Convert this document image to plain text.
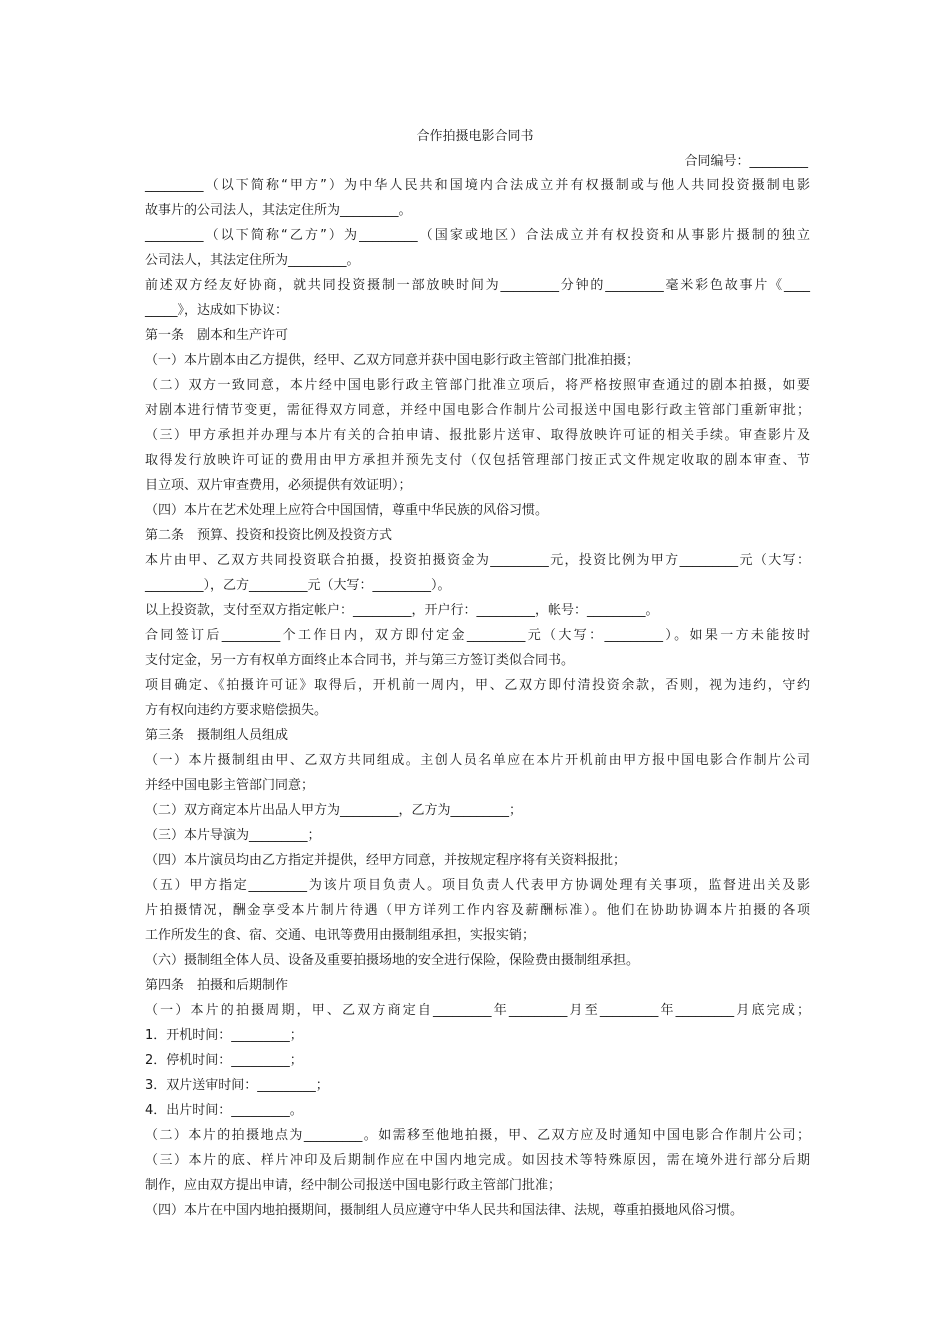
合作拍摄电影合同书
合同编号：_________
_________（以下简称“甲方”）为中华人民共和国境内合法成立并有权摄制或与他人共同投资摄制电影
故事片的公司法人，其法定住所为_________。
_________（以下简称“乙方”）为_________（国家或地区）合法成立并有权投资和从事影片摄制的独立
公司法人，其法定住所为_________。
前述双方经友好协商，就共同投资摄制一部放映时间为_________分钟的_________毫米彩色故事片《____
_____》，达成如下协议：
第一条　剧本和生产许可
（一）本片剧本由乙方提供，经甲、乙双方同意并获中国电影行政主管部门批准拍摄；
（二）双方一致同意，本片经中国电影行政主管部门批准立项后，将严格按照审查通过的剧本拍摄，如要
对剧本进行情节变更，需征得双方同意，并经中国电影合作制片公司报送中国电影行政主管部门重新审批；
（三）甲方承担并办理与本片有关的合拍申请、报批影片送审、取得放映许可证的相关手续。审查影片及
取得发行放映许可证的费用由甲方承担并预先支付（仅包括管理部门按正式文件规定收取的剧本审查、节
目立项、双片审查费用，必须提供有效证明）；
（四）本片在艺术处理上应符合中国国情，尊重中华民族的风俗习惯。
第二条　预算、投资和投资比例及投资方式
本片由甲、乙双方共同投资联合拍摄，投资拍摄资金为_________元，投资比例为甲方_________元（大写：
_________），乙方_________元（大写：_________）。
以上投资款，支付至双方指定帐户：_________，开户行：_________，帐号：_________。
合同签订后_________个工作日内，双方即付定金_________元（大写：_________）。如果一方未能按时
支付定金，另一方有权单方面终止本合同书，并与第三方签订类似合同书。
项目确定、《拍摄许可证》取得后，开机前一周内，甲、乙双方即付清投资余款，否则，视为违约，守约
方有权向违约方要求赔偿损失。
第三条　摄制组人员组成
（一）本片摄制组由甲、乙双方共同组成。主创人员名单应在本片开机前由甲方报中国电影合作制片公司
并经中国电影主管部门同意；
（二）双方商定本片出品人甲方为_________，乙方为_________；
（三）本片导演为_________；
（四）本片演员均由乙方指定并提供，经甲方同意，并按规定程序将有关资料报批；
（五）甲方指定_________为该片项目负责人。项目负责人代表甲方协调处理有关事项，监督进出关及影
片拍摄情况，酬金享受本片制片待遇（甲方详列工作内容及薪酬标准）。他们在协助协调本片拍摄的各项
工作所发生的食、宿、交通、电讯等费用由摄制组承担，实报实销；
（六）摄制组全体人员、设备及重要拍摄场地的安全进行保险，保险费由摄制组承担。
第四条　拍摄和后期制作
（一）本片的拍摄周期，甲、乙双方商定自_________年_________月至_________年_________月底完成；
1．开机时间：_________；
2．停机时间：_________；
3．双片送审时间：_________；
4．出片时间：_________。
（二）本片的拍摄地点为_________。如需移至他地拍摄，甲、乙双方应及时通知中国电影合作制片公司；
（三）本片的底、样片冲印及后期制作应在中国内地完成。如因技术等特殊原因，需在境外进行部分后期
制作，应由双方提出申请，经中制公司报送中国电影行政主管部门批准；
（四）本片在中国内地拍摄期间，摄制组人员应遵守中华人民共和国法律、法规，尊重拍摄地风俗习惯。
